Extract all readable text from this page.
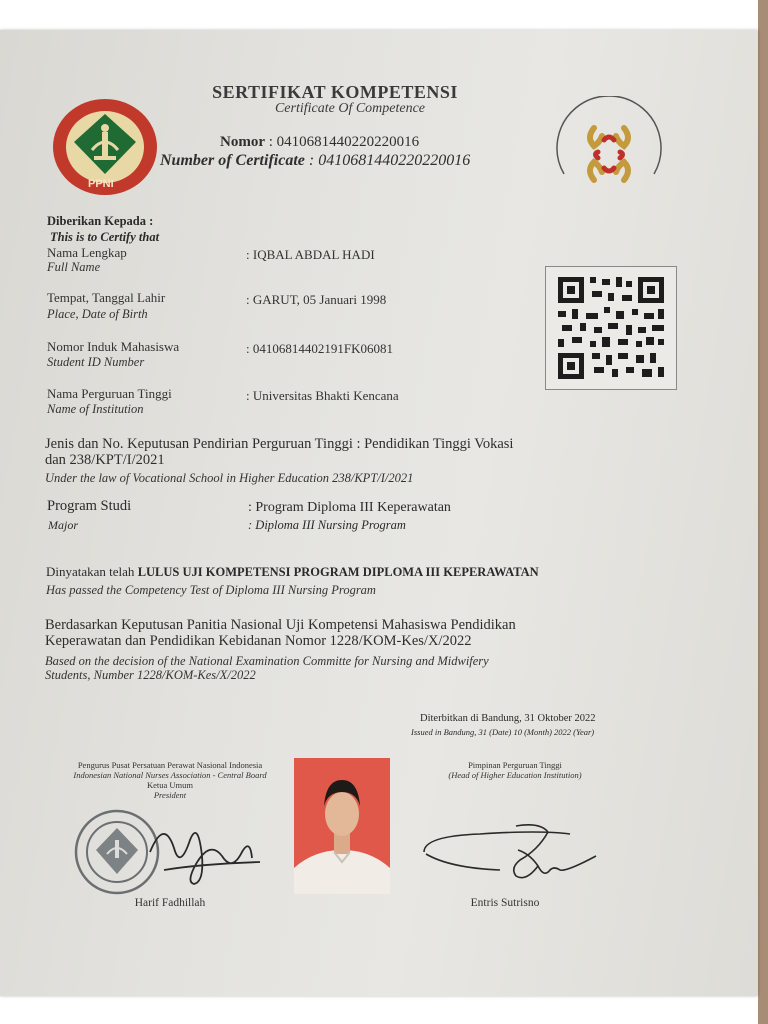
PPNI
SERTIFIKAT KOMPETENSI
Certificate Of Competence
Nomor : 0410681440220220016
Number of Certificate : 0410681440220220016
Diberikan Kepada :
This is to Certify that
Nama Lengkap
Full Name
: IQBAL ABDAL HADI
Tempat, Tanggal Lahir
Place, Date of Birth
: GARUT, 05 Januari 1998
Nomor Induk Mahasiswa
Student ID Number
: 04106814402191FK06081
Nama Perguruan Tinggi
Name of Institution
: Universitas Bhakti Kencana
Jenis dan No. Keputusan Pendirian Perguruan Tinggi : Pendidikan Tinggi Vokasi
dan 238/KPT/I/2021
Under the law of Vocational School in Higher Education 238/KPT/I/2021
Program Studi
Major
: Program Diploma III Keperawatan
: Diploma III Nursing Program
Dinyatakan telah LULUS UJI KOMPETENSI PROGRAM DIPLOMA III KEPERAWATAN
Has passed the Competency Test of Diploma III Nursing Program
Berdasarkan Keputusan Panitia Nasional Uji Kompetensi Mahasiswa Pendidikan
Keperawatan dan Pendidikan Kebidanan Nomor 1228/KOM-Kes/X/2022
Based on the decision of the National Examination Committe for Nursing and Midwifery
Students, Number 1228/KOM-Kes/X/2022
Diterbitkan di Bandung, 31 Oktober 2022
Issued in Bandung, 31 (Date) 10 (Month) 2022 (Year)
Pengurus Pusat Persatuan Perawat Nasional Indonesia
Indonesian National Nurses Association - Central Board
Ketua Umum
President
Harif Fadhillah
Pimpinan Perguruan Tinggi
(Head of Higher Education Institution)
Entris Sutrisno
